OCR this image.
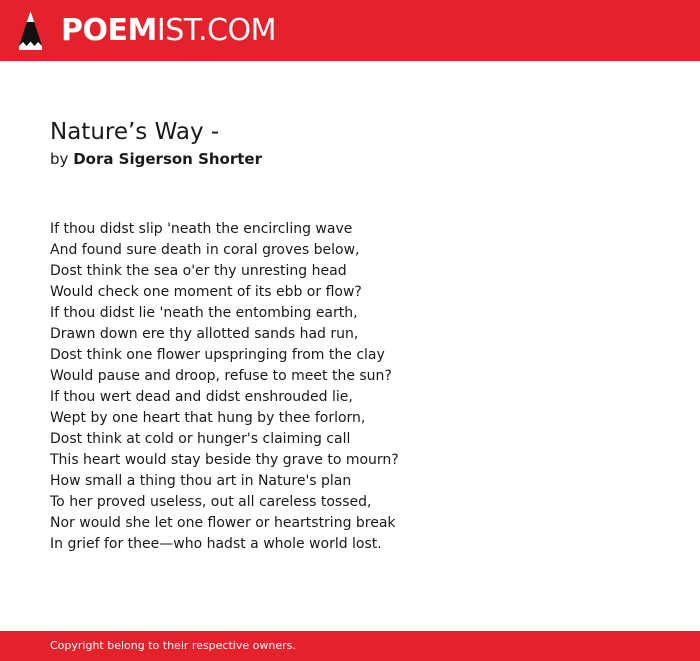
POEMIST.COM
Nature’s Way -
by Dora Sigerson Shorter
If thou didst slip 'neath the encircling wave
And found sure death in coral groves below,
Dost think the sea o'er thy unresting head
Would check one moment of its ebb or flow?
If thou didst lie 'neath the entombing earth,
Drawn down ere thy allotted sands had run,
Dost think one flower upspringing from the clay
Would pause and droop, refuse to meet the sun?
If thou wert dead and didst enshrouded lie,
Wept by one heart that hung by thee forlorn,
Dost think at cold or hunger's claiming call
This heart would stay beside thy grave to mourn?
How small a thing thou art in Nature's plan
To her proved useless, out all careless tossed,
Nor would she let one flower or heartstring break
In grief for thee—who hadst a whole world lost.
Copyright belong to their respective owners.
